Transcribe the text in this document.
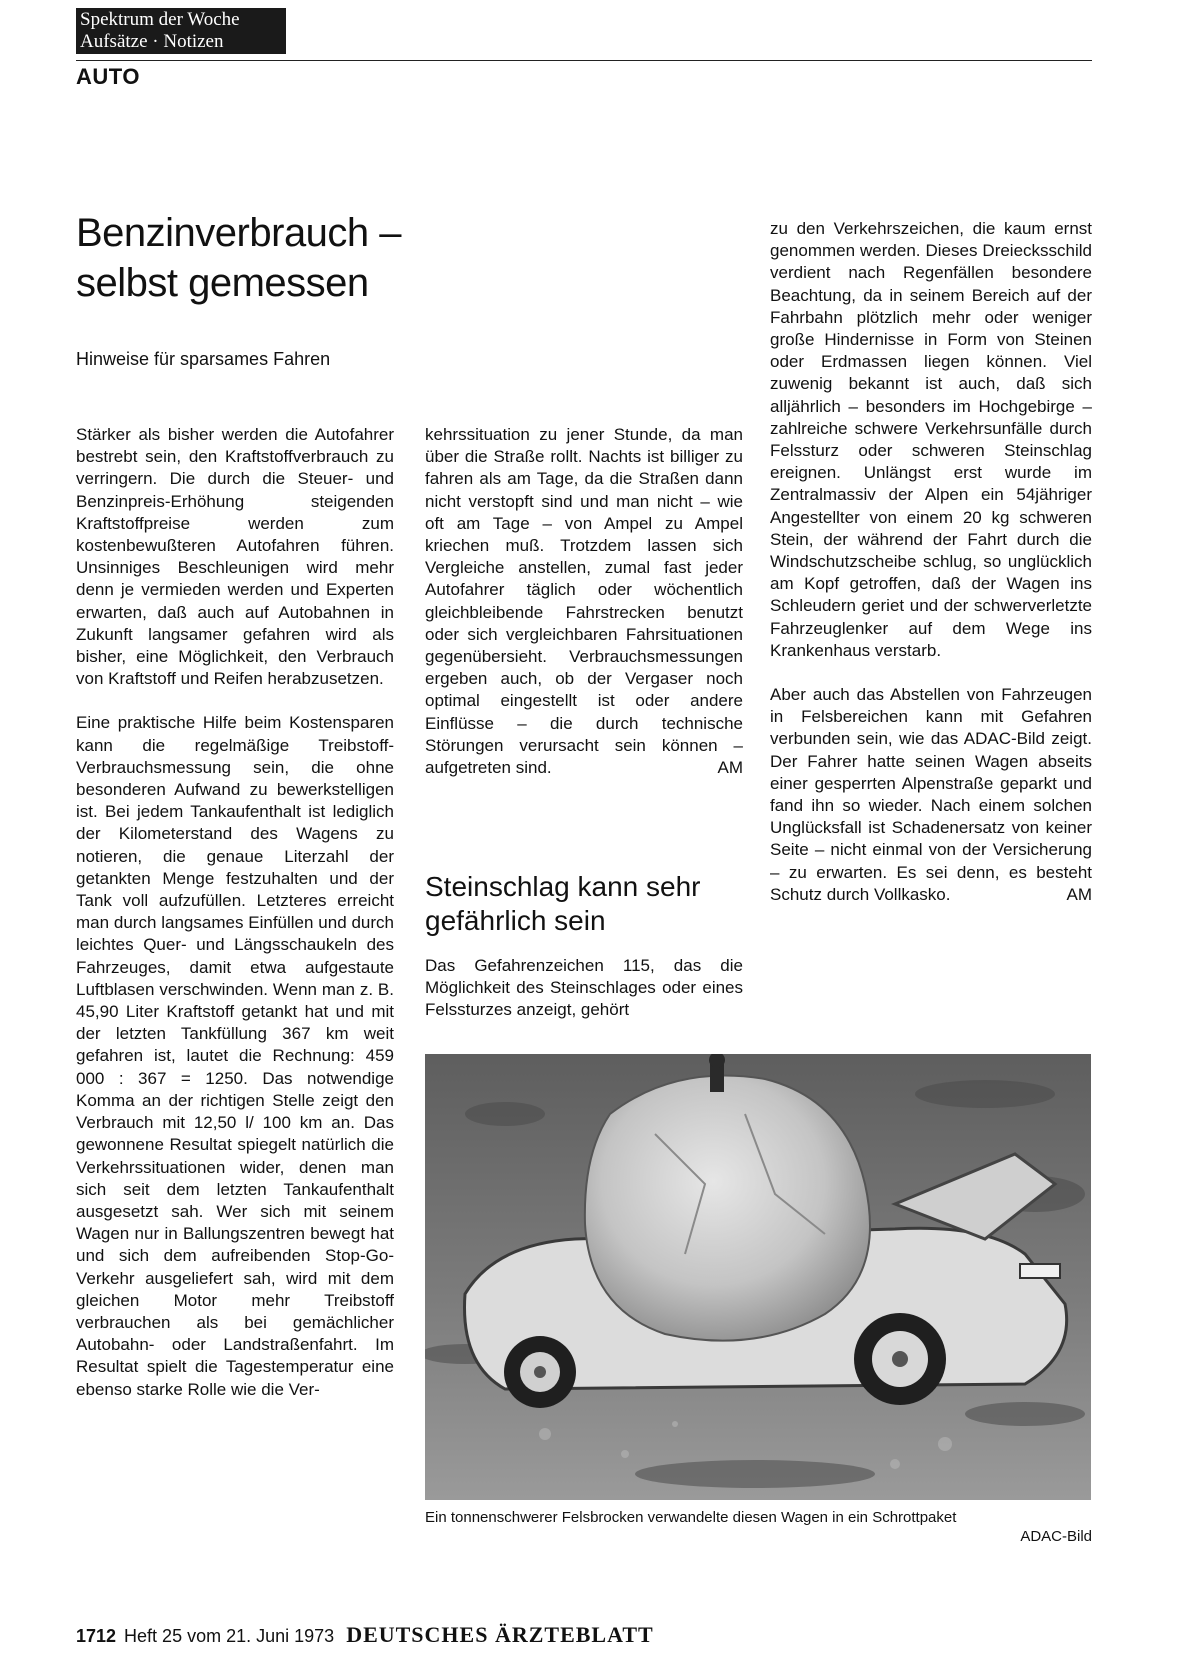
Spektrum der Woche
Aufsätze · Notizen
AUTO
Benzinverbrauch – selbst gemessen
Hinweise für sparsames Fahren

Stärker als bisher werden die Autofahrer bestrebt sein, den Kraftstoffverbrauch zu verringern. Die durch die Steuer- und Benzinpreis-Erhöhung steigenden Kraftstoffpreise werden zum kostenbewußteren Autofahren führen. Unsinniges Beschleunigen wird mehr denn je vermieden werden und Experten erwarten, daß auch auf Autobahnen in Zukunft langsamer gefahren wird als bisher, eine Möglichkeit, den Verbrauch von Kraftstoff und Reifen herabzusetzen.

Eine praktische Hilfe beim Kostensparen kann die regelmäßige Treibstoff-Verbrauchsmessung sein, die ohne besonderen Aufwand zu bewerkstelligen ist. Bei jedem Tankaufenthalt ist lediglich der Kilometerstand des Wagens zu notieren, die genaue Literzahl der getankten Menge festzuhalten und der Tank voll aufzufüllen. Letzteres erreicht man durch langsames Einfüllen und durch leichtes Quer- und Längsschaukeln des Fahrzeuges, damit etwa aufgestaute Luftblasen verschwinden. Wenn man z. B. 45,90 Liter Kraftstoff getankt hat und mit der letzten Tankfüllung 367 km weit gefahren ist, lautet die Rechnung: 459 000 : 367 = 1250. Das notwendige Komma an der richtigen Stelle zeigt den Verbrauch mit 12,50 l/ 100 km an. Das gewonnene Resultat spiegelt natürlich die Verkehrssituationen wider, denen man sich seit dem letzten Tankaufenthalt ausgesetzt sah. Wer sich mit seinem Wagen nur in Ballungszentren bewegt hat und sich dem aufreibenden Stop-Go-Verkehr ausgeliefert sah, wird mit dem gleichen Motor mehr Treibstoff verbrauchen als bei gemächlicher Autobahn- oder Landstraßenfahrt. Im Resultat spielt die Tagestemperatur eine ebenso starke Rolle wie die Ver-

kehrssituation zu jener Stunde, da man über die Straße rollt. Nachts ist billiger zu fahren als am Tage, da die Straßen dann nicht verstopft sind und man nicht – wie oft am Tage – von Ampel zu Ampel kriechen muß. Trotzdem lassen sich Vergleiche anstellen, zumal fast jeder Autofahrer täglich oder wöchentlich gleichbleibende Fahrstrecken benutzt oder sich vergleichbaren Fahrsituationen gegenübersieht. Verbrauchsmessungen ergeben auch, ob der Vergaser noch optimal eingestellt ist oder andere Einflüsse – die durch technische Störungen verursacht sein können – aufgetreten sind.	AM

Steinschlag kann sehr gefährlich sein

Das Gefahrenzeichen 115, das die Möglichkeit des Steinschlages oder eines Felssturzes anzeigt, gehört

zu den Verkehrszeichen, die kaum ernst genommen werden. Dieses Dreiecksschild verdient nach Regenfällen besondere Beachtung, da in seinem Bereich auf der Fahrbahn plötzlich mehr oder weniger große Hindernisse in Form von Steinen oder Erdmassen liegen können. Viel zuwenig bekannt ist auch, daß sich alljährlich – besonders im Hochgebirge – zahlreiche schwere Verkehrsunfälle durch Felssturz oder schweren Steinschlag ereignen. Unlängst erst wurde im Zentralmassiv der Alpen ein 54jähriger Angestellter von einem 20 kg schweren Stein, der während der Fahrt durch die Windschutzscheibe schlug, so unglücklich am Kopf getroffen, daß der Wagen ins Schleudern geriet und der schwerverletzte Fahrzeuglenker auf dem Wege ins Krankenhaus verstarb.

Aber auch das Abstellen von Fahrzeugen in Felsbereichen kann mit Gefahren verbunden sein, wie das ADAC-Bild zeigt. Der Fahrer hatte seinen Wagen abseits einer gesperrten Alpenstraße geparkt und fand ihn so wieder. Nach einem solchen Unglücksfall ist Schadenersatz von keiner Seite – nicht einmal von der Versicherung – zu erwarten. Es sei denn, es besteht Schutz durch Vollkasko.	AM

Ein tonnenschwerer Felsbrocken verwandelte diesen Wagen in ein Schrottpaket
ADAC-Bild
1712 Heft 25 vom 21. Juni 1973 DEUTSCHES ÄRZTEBLATT
